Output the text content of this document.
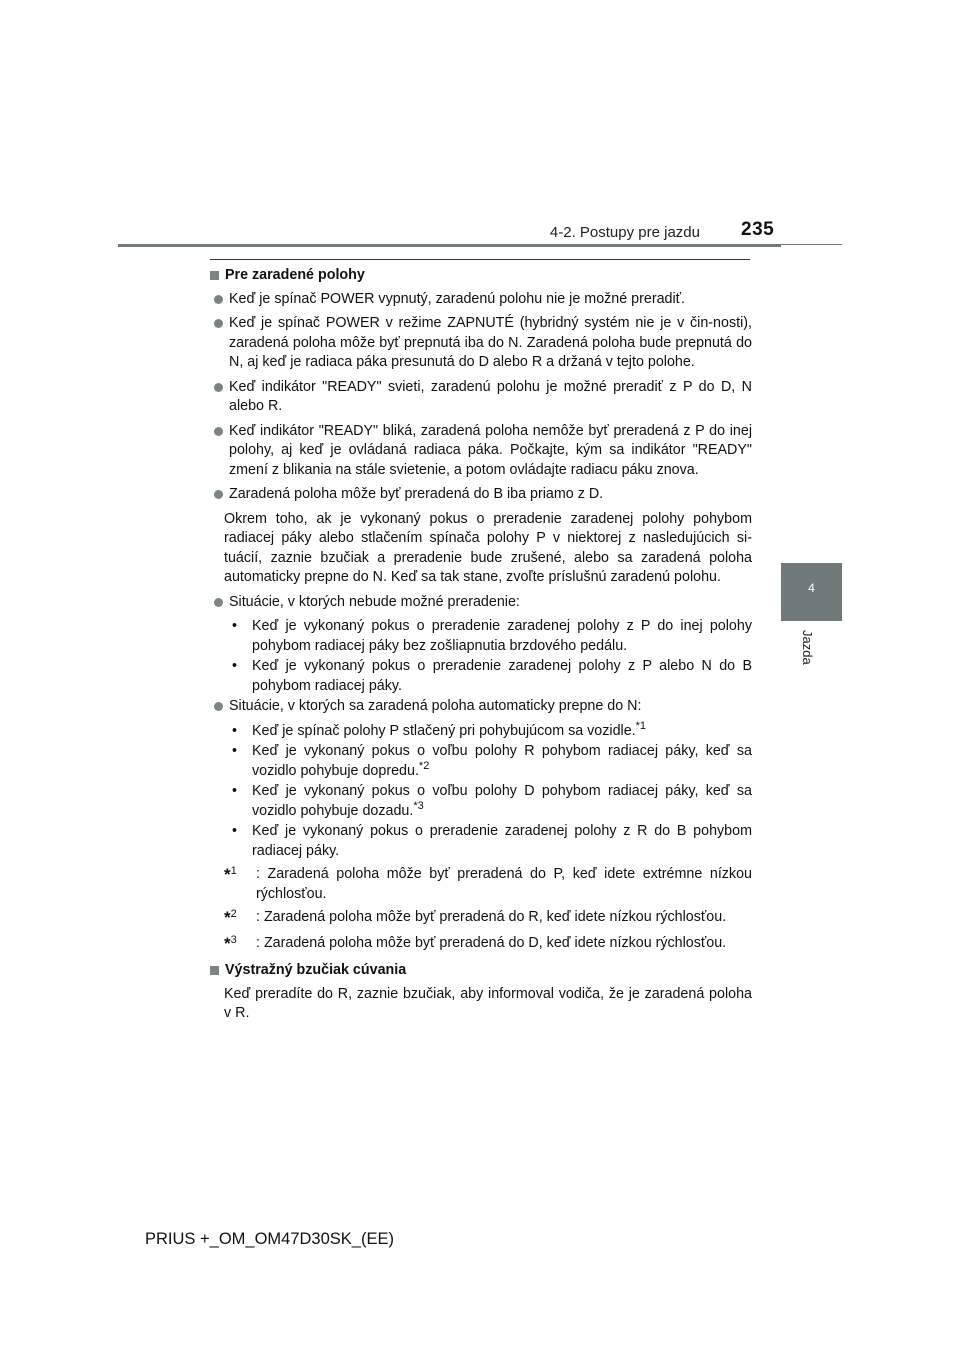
4-2. Postupy pre jazdu 235
4
Jazda
Pre zaradené polohy
Keď je spínač POWER vypnutý, zaradenú polohu nie je možné preradiť.
Keď je spínač POWER v režime ZAPNUTÉ (hybridný systém nie je v čin-nosti), zaradená poloha môže byť prepnutá iba do N. Zaradená poloha bude prepnutá do N, aj keď je radiaca páka presunutá do D alebo R a držaná v tejto polohe.
Keď indikátor "READY" svieti, zaradenú polohu je možné preradiť z P do D, N alebo R.
Keď indikátor "READY" bliká, zaradená poloha nemôže byť preradená z P do inej polohy, aj keď je ovládaná radiaca páka. Počkajte, kým sa indikátor "READY" zmení z blikania na stále svietenie, a potom ovládajte radiacu páku znova.
Zaradená poloha môže byť preradená do B iba priamo z D.
Okrem toho, ak je vykonaný pokus o preradenie zaradenej polohy pohybom radiacej páky alebo stlačením spínača polohy P v niektorej z nasledujúcich si-tuácií, zaznie bzučiak a preradenie bude zrušené, alebo sa zaradená poloha automaticky prepne do N. Keď sa tak stane, zvoľte príslušnú zaradenú polohu.
Situácie, v ktorých nebude možné preradenie:
•	Keď je vykonaný pokus o preradenie zaradenej polohy z P do inej polohy pohybom radiacej páky bez zošliapnutia brzdového pedálu.
•	Keď je vykonaný pokus o preradenie zaradenej polohy z P alebo N do B pohybom radiacej páky.
Situácie, v ktorých sa zaradená poloha automaticky prepne do N:
•	Keď je spínač polohy P stlačený pri pohybujúcom sa vozidle.$^{*1}$
•	Keď je vykonaný pokus o voľbu polohy R pohybom radiacej páky, keď sa vozidlo pohybuje dopredu.$^{*2}$
•	Keď je vykonaný pokus o voľbu polohy D pohybom radiacej páky, keď sa vozidlo pohybuje dozadu.$^{*3}$
•	Keď je vykonaný pokus o preradenie zaradenej polohy z R do B pohybom radiacej páky.
*$^1$	: Zaradená poloha môže byť preradená do P, keď idete extrémne nízkou rýchlosťou.
*$^2$	: Zaradená poloha môže byť preradená do R, keď idete nízkou rýchlosťou.
*$^3$	: Zaradená poloha môže byť preradená do D, keď idete nízkou rýchlosťou.
Výstražný bzučiak cúvania
Keď preradíte do R, zaznie bzučiak, aby informoval vodiča, že je zaradená poloha v R.
PRIUS +_OM_OM47D30SK_(EE)
